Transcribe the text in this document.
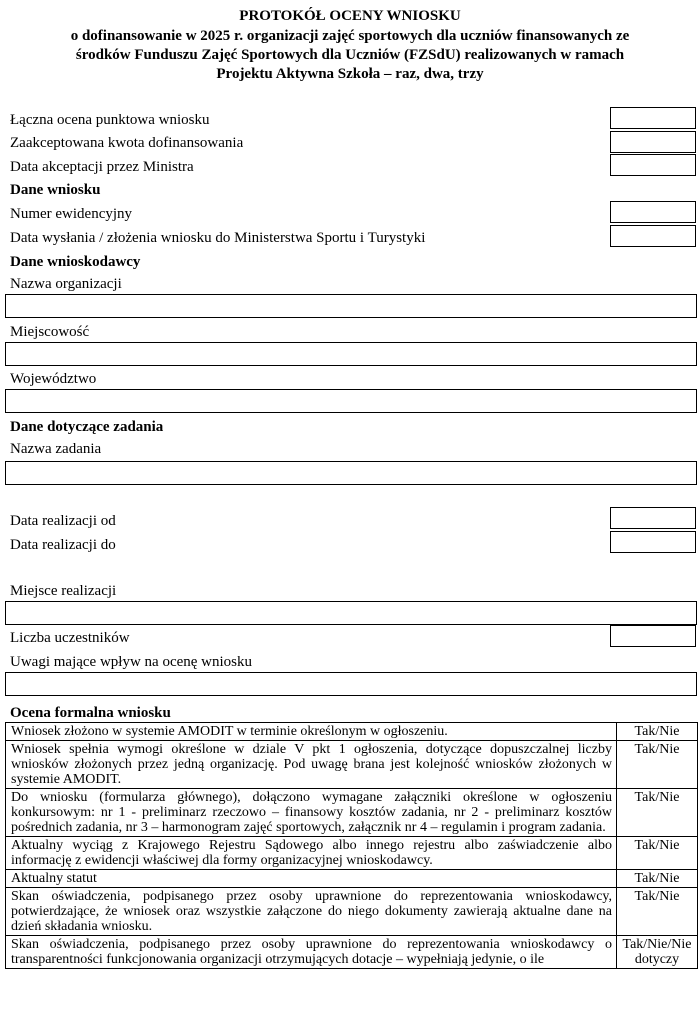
PROTOKÓŁ OCENY WNIOSKU
o dofinansowanie w 2025 r. organizacji zajęć sportowych dla uczniów finansowanych ze
środków Funduszu Zajęć Sportowych dla Uczniów (FZSdU) realizowanych w ramach
Projektu Aktywna Szkoła – raz, dwa, trzy
Łączna ocena punktowa wniosku
Zaakceptowana kwota dofinansowania
Data akceptacji przez Ministra
Dane wniosku
Numer ewidencyjny
Data wysłania / złożenia wniosku do Ministerstwa Sportu i Turystyki
Dane wnioskodawcy
Nazwa organizacji
Miejscowość
Województwo
Dane dotyczące zadania
Nazwa zadania
Data realizacji od
Data realizacji do
Miejsce realizacji
Liczba uczestników
Uwagi mające wpływ na ocenę wniosku
Ocena formalna wniosku
Wniosek złożono w systemie AMODIT w terminie określonym w ogłoszeniu.	Tak/Nie
Wniosek spełnia wymogi określone w dziale V pkt 1 ogłoszenia, dotyczące dopuszczalnej liczby wniosków złożonych przez jedną organizację. Pod uwagę brana jest kolejność wniosków złożonych w systemie AMODIT.	Tak/Nie
Do wniosku (formularza głównego), dołączono wymagane załączniki określone w ogłoszeniu konkursowym: nr 1 - preliminarz rzeczowo – finansowy kosztów zadania, nr 2 - preliminarz kosztów pośrednich zadania, nr 3 – harmonogram zajęć sportowych, załącznik nr 4 – regulamin i program zadania.	Tak/Nie
Aktualny wyciąg z Krajowego Rejestru Sądowego albo innego rejestru albo zaświadczenie albo informację z ewidencji właściwej dla formy organizacyjnej wnioskodawcy.	Tak/Nie
Aktualny statut	Tak/Nie
Skan oświadczenia, podpisanego przez osoby uprawnione do reprezentowania wnioskodawcy, potwierdzające, że wniosek oraz wszystkie załączone do niego dokumenty zawierają aktualne dane na dzień składania wniosku.	Tak/Nie
Skan oświadczenia, podpisanego przez osoby uprawnione do reprezentowania wnioskodawcy o transparentności funkcjonowania organizacji otrzymujących dotacje – wypełniają jedynie, o ile	Tak/Nie/Nie dotyczy
